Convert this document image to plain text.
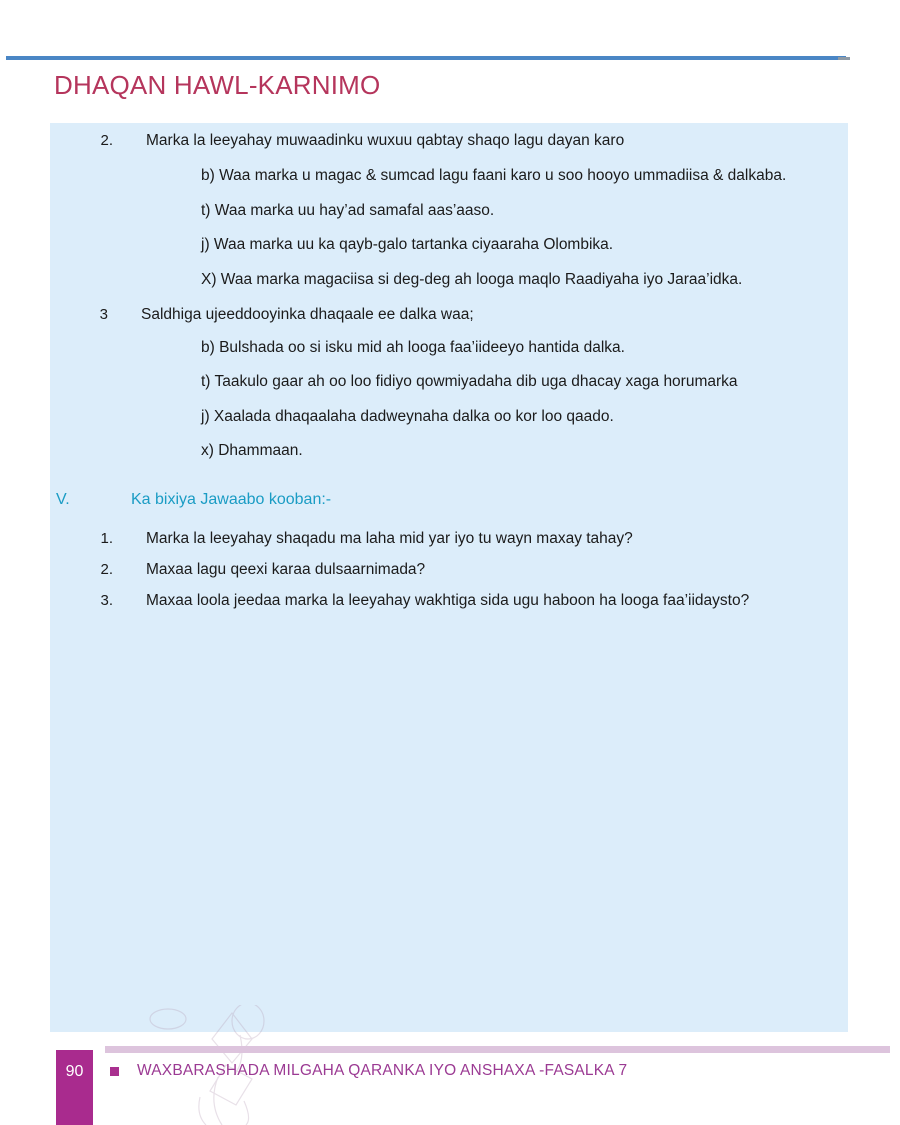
DHAQAN HAWL-KARNIMO
2. Marka la leeyahay muwaadinku wuxuu qabtay shaqo lagu dayan karo
b) Waa marka u magac & sumcad lagu faani karo u soo hooyo ummadiisa & dalkaba.
t) Waa marka uu hay’ad samafal aas’aaso.
j) Waa marka uu ka qayb-galo tartanka ciyaaraha Olombika.
X) Waa marka magaciisa si deg-deg ah looga maqlo Raadiyaha iyo Jaraa’idka.
3 Saldhiga ujeeddooyinka dhaqaale ee dalka waa;
b) Bulshada oo si isku mid ah looga faa’iideeyo hantida dalka.
t) Taakulo gaar ah oo loo fidiyo qowmiyadaha dib uga dhacay xaga horumarka
j) Xaalada dhaqaalaha dadweynaha dalka oo kor loo qaado.
x) Dhammaan.
V.	Ka bixiya Jawaabo kooban:-
1. Marka la leeyahay shaqadu ma laha mid yar iyo tu wayn maxay tahay?
2. Maxaa lagu qeexi karaa dulsaarnimada?
3. Maxaa loola jeedaa marka la leeyahay wakhtiga sida ugu haboon ha looga faa’iidaysto?
90	WAXBARASHADA MILGAHA QARANKA IYO ANSHAXA -FASALKA 7
